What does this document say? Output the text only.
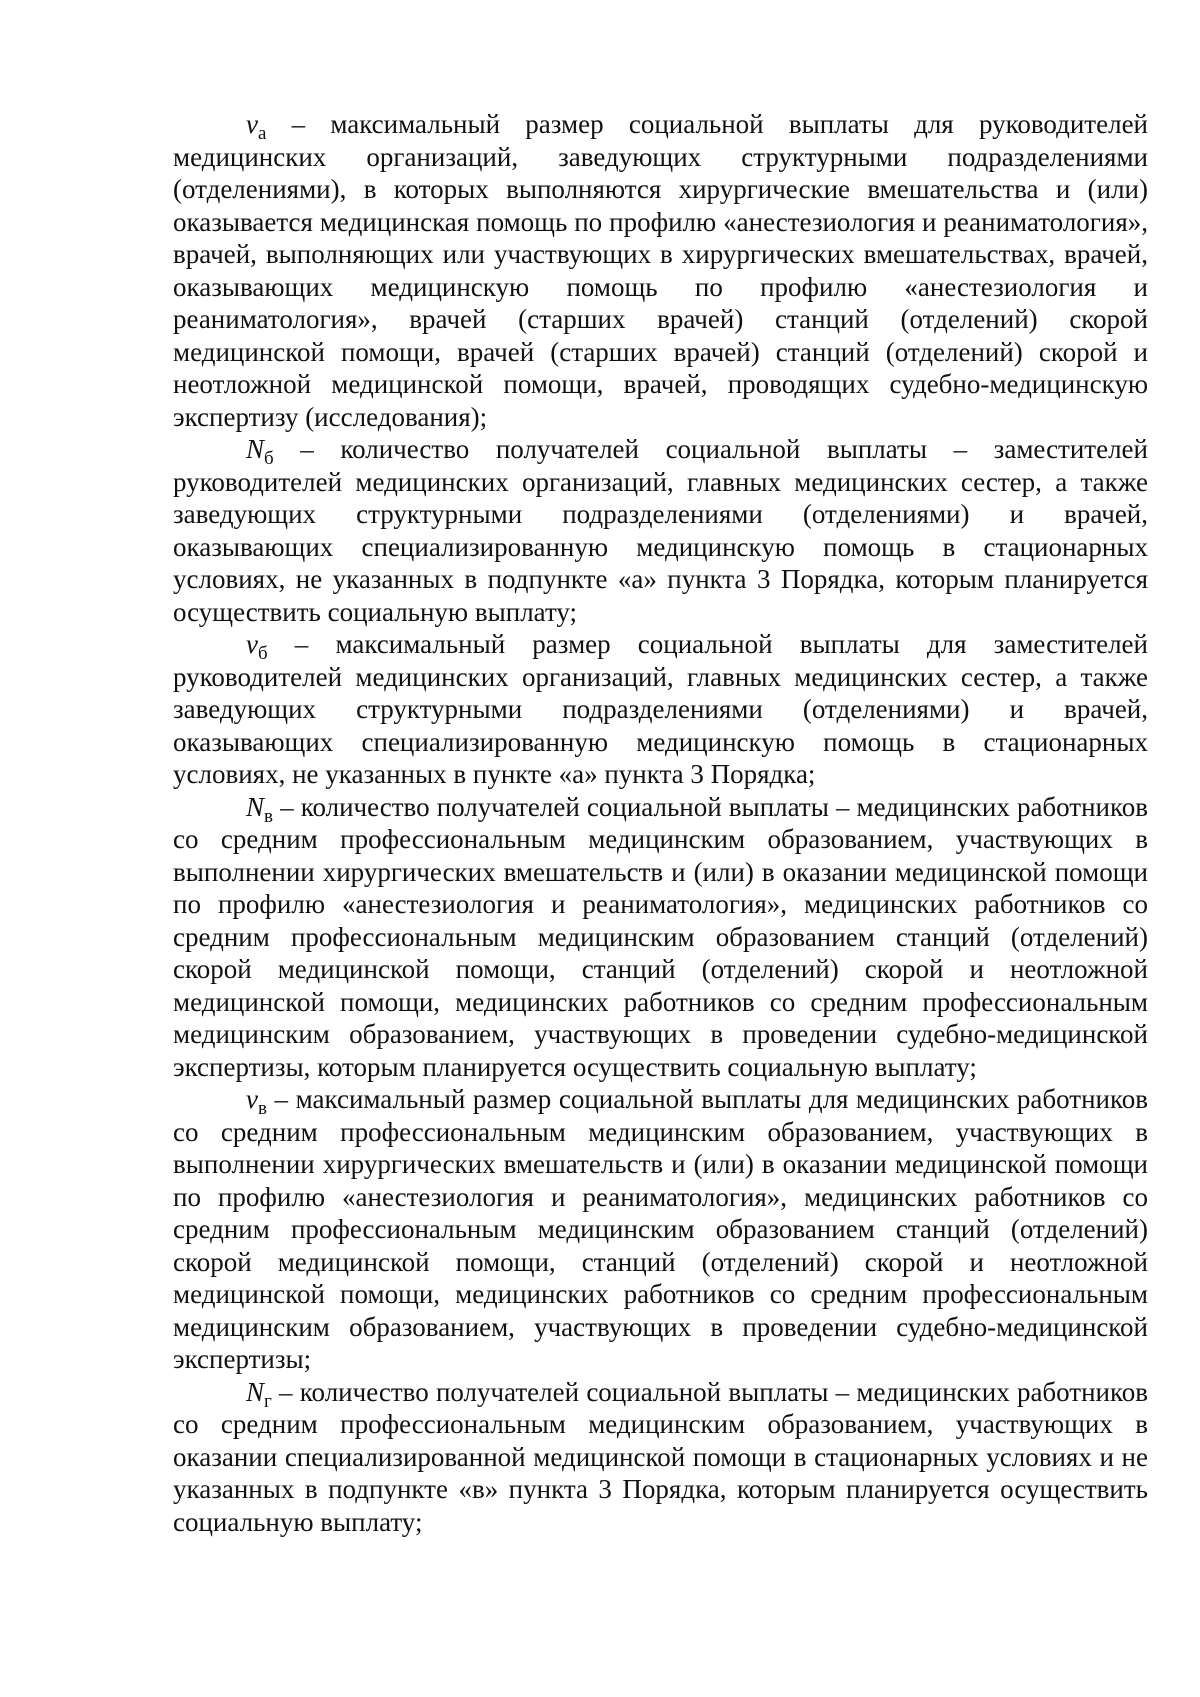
$v_а$ – максимальный размер социальной выплаты для руководителей медицинских организаций, заведующих структурными подразделениями (отделениями), в которых выполняются хирургические вмешательства и (или) оказывается медицинская помощь по профилю «анестезиология и реаниматология», врачей, выполняющих или участвующих в хирургических вмешательствах, врачей, оказывающих медицинскую помощь по профилю «анестезиология и реаниматология», врачей (старших врачей) станций (отделений) скорой медицинской помощи, врачей (старших врачей) станций (отделений) скорой и неотложной медицинской помощи, врачей, проводящих судебно-медицинскую экспертизу (исследования);

$N_б$ – количество получателей социальной выплаты – заместителей руководителей медицинских организаций, главных медицинских сестер, а также заведующих структурными подразделениями (отделениями) и врачей, оказывающих специализированную медицинскую помощь в стационарных условиях, не указанных в подпункте «а» пункта 3 Порядка, которым планируется осуществить социальную выплату;

$v_б$ – максимальный размер социальной выплаты для заместителей руководителей медицинских организаций, главных медицинских сестер, а также заведующих структурными подразделениями (отделениями) и врачей, оказывающих специализированную медицинскую помощь в стационарных условиях, не указанных в пункте «а» пункта 3 Порядка;

$N_в$ – количество получателей социальной выплаты – медицинских работников со средним профессиональным медицинским образованием, участвующих в выполнении хирургических вмешательств и (или) в оказании медицинской помощи по профилю «анестезиология и реаниматология», медицинских работников со средним профессиональным медицинским образованием станций (отделений) скорой медицинской помощи, станций (отделений) скорой и неотложной медицинской помощи, медицинских работников со средним профессиональным медицинским образованием, участвующих в проведении судебно-медицинской экспертизы, которым планируется осуществить социальную выплату;

$v_в$ – максимальный размер социальной выплаты для медицинских работников со средним профессиональным медицинским образованием, участвующих в выполнении хирургических вмешательств и (или) в оказании медицинской помощи по профилю «анестезиология и реаниматология», медицинских работников со средним профессиональным медицинским образованием станций (отделений) скорой медицинской помощи, станций (отделений) скорой и неотложной медицинской помощи, медицинских работников со средним профессиональным медицинским образованием, участвующих в проведении судебно-медицинской экспертизы;

$N_г$ – количество получателей социальной выплаты – медицинских работников со средним профессиональным медицинским образованием, участвующих в оказании специализированной медицинской помощи в стационарных условиях и не указанных в подпункте «в» пункта 3 Порядка, которым планируется осуществить социальную выплату;
